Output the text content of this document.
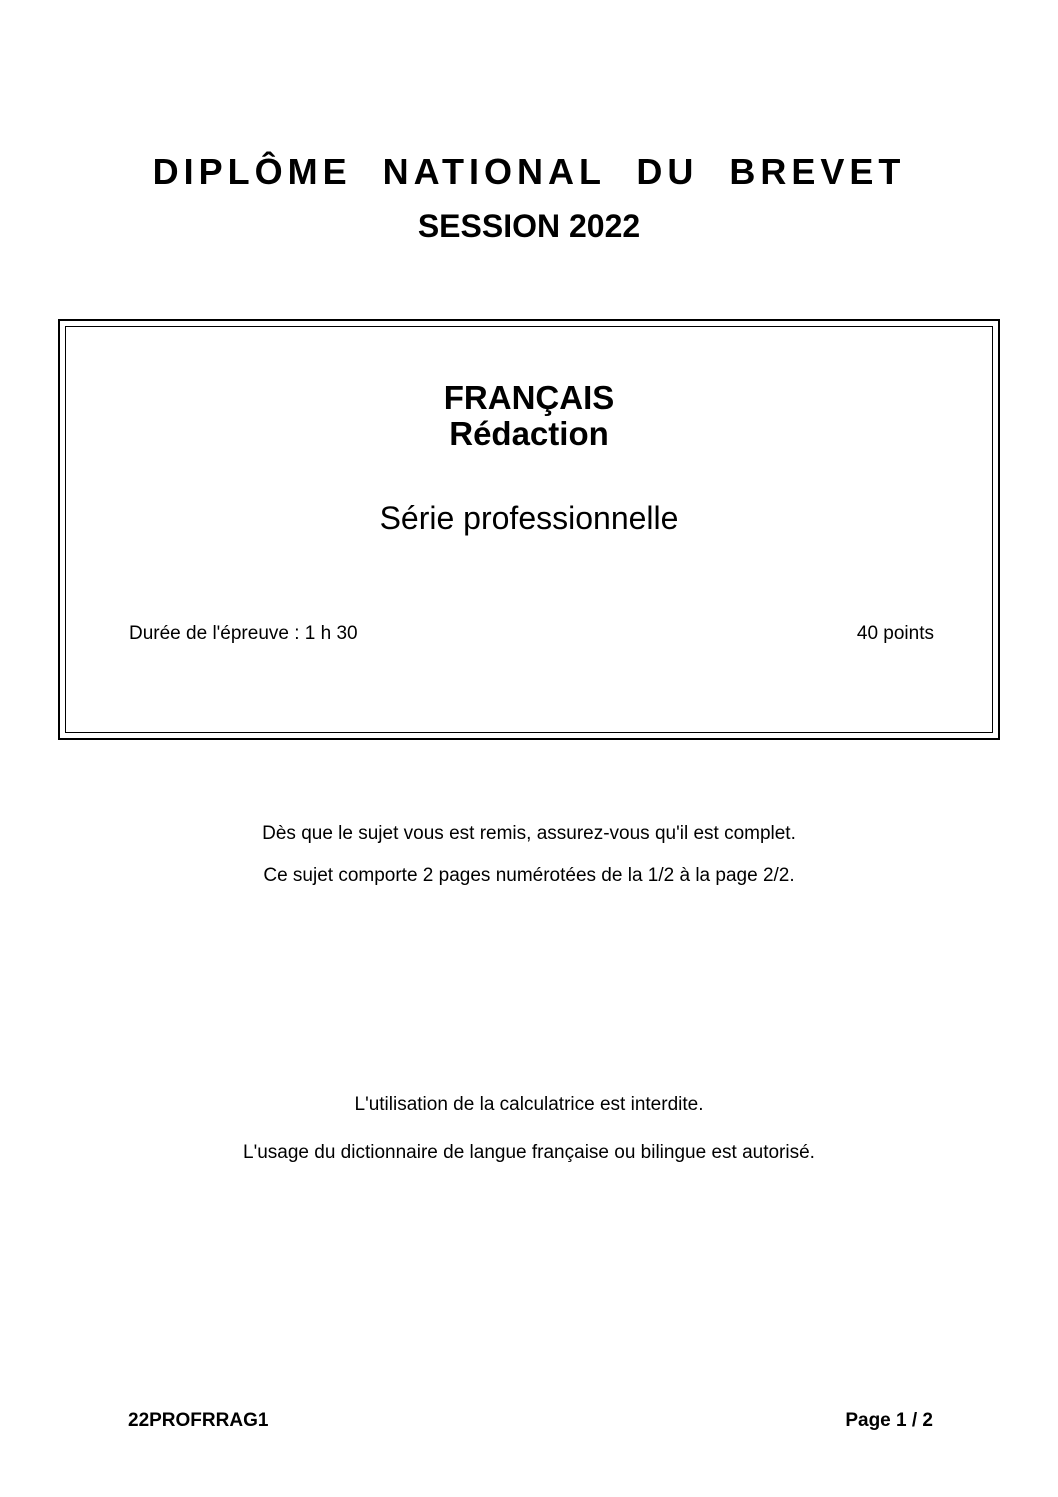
DIPLÔME NATIONAL DU BREVET
SESSION 2022
FRANÇAIS
Rédaction
Série professionnelle
Durée de l'épreuve : 1 h 30	40 points
Dès que le sujet vous est remis, assurez-vous qu'il est complet.
Ce sujet comporte 2 pages numérotées de la 1/2 à la page 2/2.
L'utilisation de la calculatrice est interdite.
L'usage du dictionnaire de langue française ou bilingue est autorisé.
22PROFRRAG1	Page 1 / 2
